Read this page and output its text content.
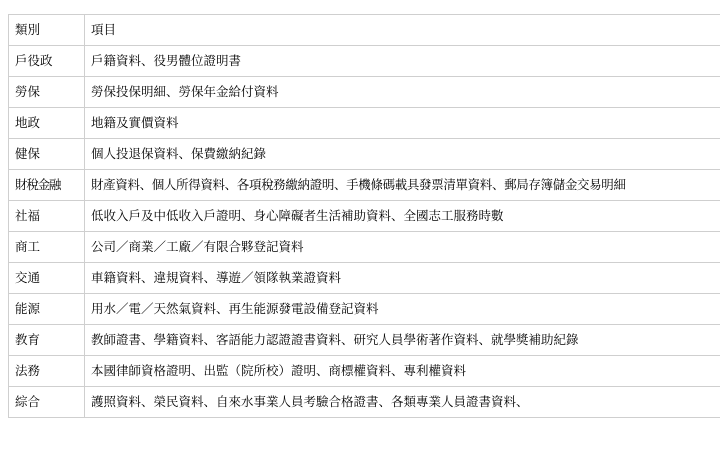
類別	項目
戶役政	戶籍資料、役男體位證明書
勞保	勞保投保明細、勞保年金給付資料
地政	地籍及實價資料
健保	個人投退保資料、保費繳納紀錄
財稅金融	財產資料、個人所得資料、各項稅務繳納證明、手機條碼載具發票清單資料、郵局存簿儲金交易明細
社福	低收入戶及中低收入戶證明、身心障礙者生活補助資料、全國志工服務時數
商工	公司／商業／工廠／有限合夥登記資料
交通	車籍資料、違規資料、導遊／領隊執業證資料
能源	用水／電／天然氣資料、再生能源發電設備登記資料
教育	教師證書、學籍資料、客語能力認證證書資料、研究人員學術著作資料、就學獎補助紀錄
法務	本國律師資格證明、出監（院所校）證明、商標權資料、專利權資料
綜合	護照資料、榮民資料、自來水事業人員考驗合格證書、各類專業人員證書資料、
